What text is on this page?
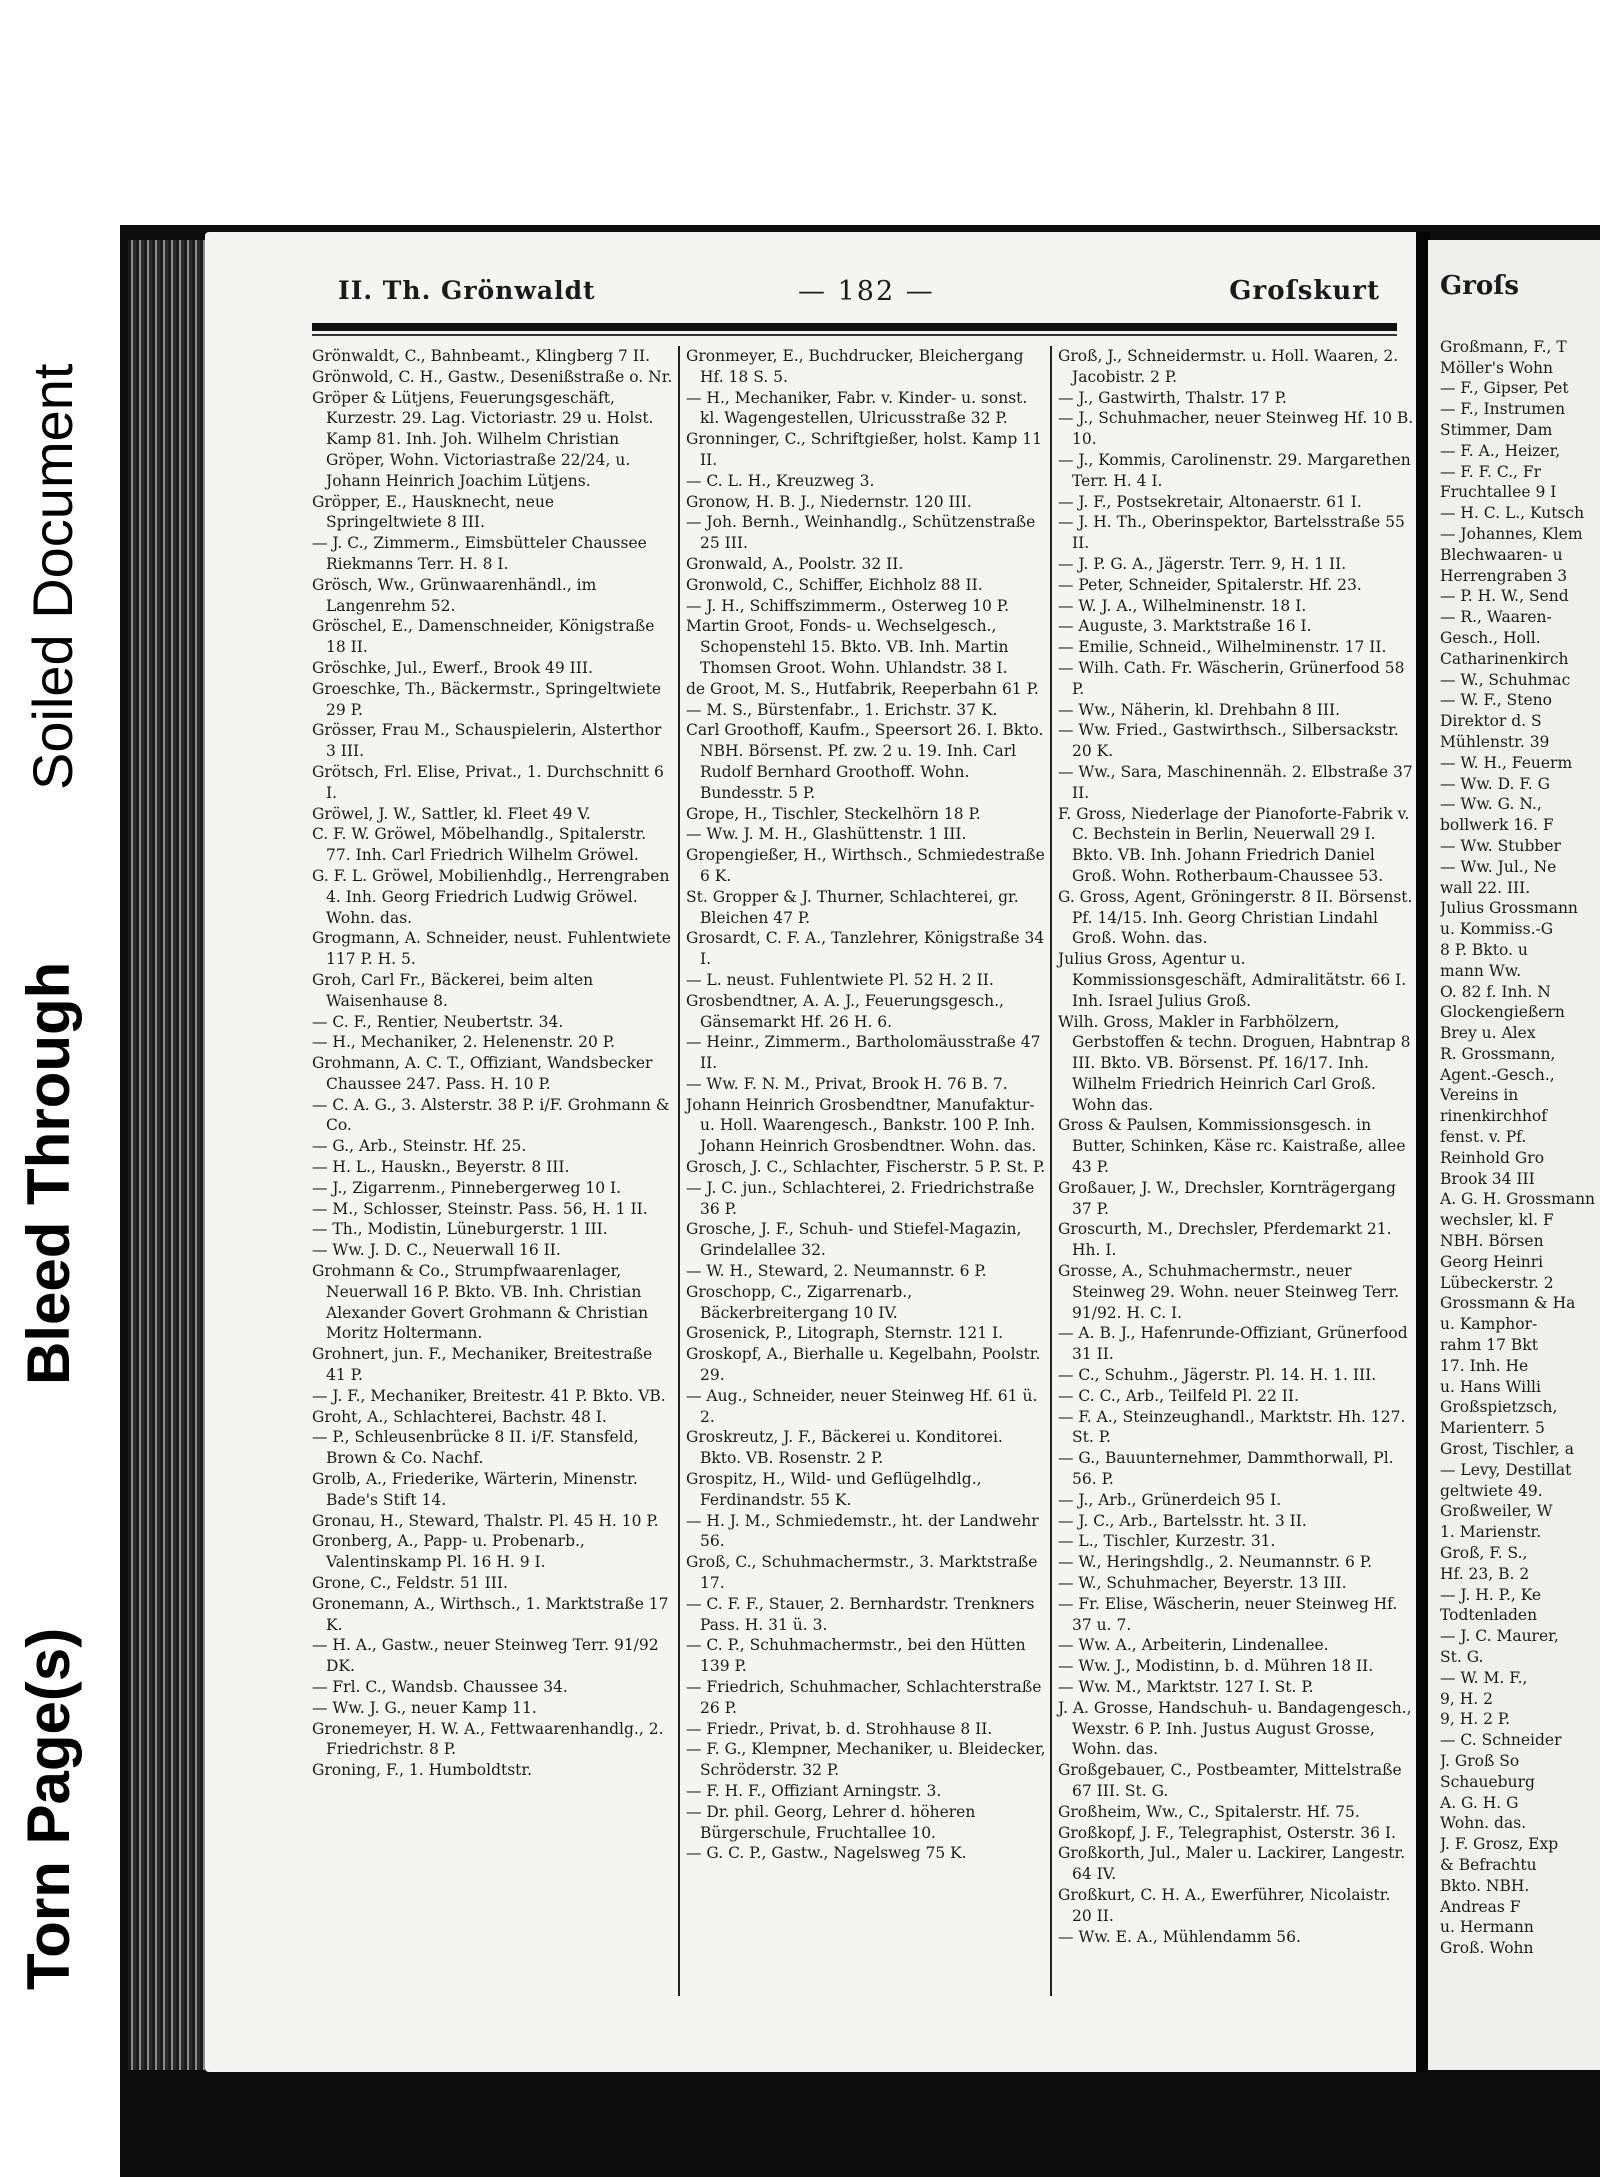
Torn Page(s)
Bleed Through
Soiled Document
II. Th. Grönwaldt	— 182 —	Groſskurt

Grönwaldt, C., Bahnbeamt., Klingberg 7 II.

Grönwold, C. H., Gastw., Desenißstraße o. Nr.

Gröper & Lütjens, Feuerungsgeschäft, Kurzestr. 29. Lag. Victoriastr. 29 u. Holst. Kamp 81. Inh. Joh. Wilhelm Christian Gröper, Wohn. Victoriastraße 22/24, u. Johann Heinrich Joachim Lütjens.

Gröpper, E., Hausknecht, neue Springeltwiete 8 III.

— J. C., Zimmerm., Eimsbütteler Chaussee Riekmanns Terr. H. 8 I.

Grösch, Ww., Grünwaarenhändl., im Langenrehm 52.

Gröschel, E., Damenschneider, Königstraße 18 II.

Gröschke, Jul., Ewerf., Brook 49 III.

Groeschke, Th., Bäckermstr., Springeltwiete 29 P.

Grösser, Frau M., Schauspielerin, Alsterthor 3 III.

Grötsch, Frl. Elise, Privat., 1. Durchschnitt 6 I.

Gröwel, J. W., Sattler, kl. Fleet 49 V.

C. F. W. Gröwel, Möbelhandlg., Spitalerstr. 77. Inh. Carl Friedrich Wilhelm Gröwel.

G. F. L. Gröwel, Mobilienhdlg., Herrengraben 4. Inh. Georg Friedrich Ludwig Gröwel. Wohn. das.

Grogmann, A. Schneider, neust. Fuhlentwiete 117 P. H. 5.

Groh, Carl Fr., Bäckerei, beim alten Waisenhause 8.

— C. F., Rentier, Neubertstr. 34.

— H., Mechaniker, 2. Helenenstr. 20 P.

Grohmann, A. C. T., Offiziant, Wandsbecker Chaussee 247. Pass. H. 10 P.

— C. A. G., 3. Alsterstr. 38 P. i/F. Grohmann & Co.

— G., Arb., Steinstr. Hf. 25.

— H. L., Hauskn., Beyerstr. 8 III.

— J., Zigarrenm., Pinnebergerweg 10 I.

— M., Schlosser, Steinstr. Pass. 56, H. 1 II.

— Th., Modistin, Lüneburgerstr. 1 III.

— Ww. J. D. C., Neuerwall 16 II.

Grohmann & Co., Strumpfwaarenlager, Neuerwall 16 P. Bkto. VB. Inh. Christian Alexander Govert Grohmann & Christian Moritz Holtermann.

Grohnert, jun. F., Mechaniker, Breitestraße 41 P.

— J. F., Mechaniker, Breitestr. 41 P. Bkto. VB.

Groht, A., Schlachterei, Bachstr. 48 I.

— P., Schleusenbrücke 8 II. i/F. Stansfeld, Brown & Co. Nachf.

Grolb, A., Friederike, Wärterin, Minenstr. Bade's Stift 14.

Gronau, H., Steward, Thalstr. Pl. 45 H. 10 P.

Gronberg, A., Papp- u. Probenarb., Valentinskamp Pl. 16 H. 9 I.

Grone, C., Feldstr. 51 III.

Gronemann, A., Wirthsch., 1. Marktstraße 17 K.

— H. A., Gastw., neuer Steinweg Terr. 91/92 DK.

— Frl. C., Wandsb. Chaussee 34.

— Ww. J. G., neuer Kamp 11.

Gronemeyer, H. W. A., Fettwaarenhandlg., 2. Friedrichstr. 8 P.

Groning, F., 1. Humboldtstr.

Gronmeyer, E., Buchdrucker, Bleichergang Hf. 18 S. 5.

— H., Mechaniker, Fabr. v. Kinder- u. sonst. kl. Wagengestellen, Ulricusstraße 32 P.

Gronninger, C., Schriftgießer, holst. Kamp 11 II.

— C. L. H., Kreuzweg 3.

Gronow, H. B. J., Niedernstr. 120 III.

— Joh. Bernh., Weinhandlg., Schützenstraße 25 III.

Gronwald, A., Poolstr. 32 II.

Gronwold, C., Schiffer, Eichholz 88 II.

— J. H., Schiffszimmerm., Osterweg 10 P.

Martin Groot, Fonds- u. Wechselgesch., Schopenstehl 15. Bkto. VB. Inh. Martin Thomsen Groot. Wohn. Uhlandstr. 38 I.

de Groot, M. S., Hutfabrik, Reeperbahn 61 P.

— M. S., Bürstenfabr., 1. Erichstr. 37 K.

Carl Groothoff, Kaufm., Speersort 26. I. Bkto. NBH. Börsenst. Pf. zw. 2 u. 19. Inh. Carl Rudolf Bernhard Groothoff. Wohn. Bundesstr. 5 P.

Grope, H., Tischler, Steckelhörn 18 P.

— Ww. J. M. H., Glashüttenstr. 1 III.

Gropengießer, H., Wirthsch., Schmiedestraße 6 K.

St. Gropper & J. Thurner, Schlachterei, gr. Bleichen 47 P.

Grosardt, C. F. A., Tanzlehrer, Königstraße 34 I.

— L. neust. Fuhlentwiete Pl. 52 H. 2 II.

Grosbendtner, A. A. J., Feuerungsgesch., Gänsemarkt Hf. 26 H. 6.

— Heinr., Zimmerm., Bartholomäusstraße 47 II.

— Ww. F. N. M., Privat, Brook H. 76 B. 7.

Johann Heinrich Grosbendtner, Manufaktur- u. Holl. Waarengesch., Bankstr. 100 P. Inh. Johann Heinrich Grosbendtner. Wohn. das.

Grosch, J. C., Schlachter, Fischerstr. 5 P. St. P.

— J. C. jun., Schlachterei, 2. Friedrichstraße 36 P.

Grosche, J. F., Schuh- und Stiefel-Magazin, Grindelallee 32.

— W. H., Steward, 2. Neumannstr. 6 P.

Groschopp, C., Zigarrenarb., Bäckerbreitergang 10 IV.

Grosenick, P., Litograph, Sternstr. 121 I.

Groskopf, A., Bierhalle u. Kegelbahn, Poolstr. 29.

— Aug., Schneider, neuer Steinweg Hf. 61 ü. 2.

Groskreutz, J. F., Bäckerei u. Konditorei. Bkto. VB. Rosenstr. 2 P.

Grospitz, H., Wild- und Geflügelhdlg., Ferdinandstr. 55 K.

— H. J. M., Schmiedemstr., ht. der Landwehr 56.

Groß, C., Schuhmachermstr., 3. Marktstraße 17.

— C. F. F., Stauer, 2. Bernhardstr. Trenkners Pass. H. 31 ü. 3.

— C. P., Schuhmachermstr., bei den Hütten 139 P.

— Friedrich, Schuhmacher, Schlachterstraße 26 P.

— Friedr., Privat, b. d. Strohhause 8 II.

— F. G., Klempner, Mechaniker, u. Bleidecker, Schröderstr. 32 P.

— F. H. F., Offiziant Arningstr. 3.

— Dr. phil. Georg, Lehrer d. höheren Bürgerschule, Fruchtallee 10.

— G. C. P., Gastw., Nagelsweg 75 K.

Groß, J., Schneidermstr. u. Holl. Waaren, 2. Jacobistr. 2 P.

— J., Gastwirth, Thalstr. 17 P.

— J., Schuhmacher, neuer Steinweg Hf. 10 B. 10.

— J., Kommis, Carolinenstr. 29. Margarethen Terr. H. 4 I.

— J. F., Postsekretair, Altonaerstr. 61 I.

— J. H. Th., Oberinspektor, Bartelsstraße 55 II.

— J. P. G. A., Jägerstr. Terr. 9, H. 1 II.

— Peter, Schneider, Spitalerstr. Hf. 23.

— W. J. A., Wilhelminenstr. 18 I.

— Auguste, 3. Marktstraße 16 I.

— Emilie, Schneid., Wilhelminenstr. 17 II.

— Wilh. Cath. Fr. Wäscherin, Grünerfood 58 P.

— Ww., Näherin, kl. Drehbahn 8 III.

— Ww. Fried., Gastwirthsch., Silbersackstr. 20 K.

— Ww., Sara, Maschinennäh. 2. Elbstraße 37 II.

F. Gross, Niederlage der Pianoforte-Fabrik v. C. Bechstein in Berlin, Neuerwall 29 I. Bkto. VB. Inh. Johann Friedrich Daniel Groß. Wohn. Rotherbaum-Chaussee 53.

G. Gross, Agent, Gröningerstr. 8 II. Börsenst. Pf. 14/15. Inh. Georg Christian Lindahl Groß. Wohn. das.

Julius Gross, Agentur u. Kommissionsgeschäft, Admiralitätstr. 66 I. Inh. Israel Julius Groß.

Wilh. Gross, Makler in Farbhölzern, Gerbstoffen & techn. Droguen, Habntrap 8 III. Bkto. VB. Börsenst. Pf. 16/17. Inh. Wilhelm Friedrich Heinrich Carl Groß. Wohn das.

Gross & Paulsen, Kommissionsgesch. in Butter, Schinken, Käse rc. Kaistraße, allee 43 P.

Großauer, J. W., Drechsler, Kornträgergang 37 P.

Groscurth, M., Drechsler, Pferdemarkt 21. Hh. I.

Grosse, A., Schuhmachermstr., neuer Steinweg 29. Wohn. neuer Steinweg Terr. 91/92. H. C. I.

— A. B. J., Hafenrunde-Offiziant, Grünerfood 31 II.

— C., Schuhm., Jägerstr. Pl. 14. H. 1. III.

— C. C., Arb., Teilfeld Pl. 22 II.

— F. A., Steinzeughandl., Marktstr. Hh. 127. St. P.

— G., Bauunternehmer, Dammthorwall, Pl. 56. P.

— J., Arb., Grünerdeich 95 I.

— J. C., Arb., Bartelsstr. ht. 3 II.

— L., Tischler, Kurzestr. 31.

— W., Heringshdlg., 2. Neumannstr. 6 P.

— W., Schuhmacher, Beyerstr. 13 III.

— Fr. Elise, Wäscherin, neuer Steinweg Hf. 37 u. 7.

— Ww. A., Arbeiterin, Lindenallee.

— Ww. J., Modistinn, b. d. Mühren 18 II.

— Ww. M., Marktstr. 127 I. St. P.

J. A. Grosse, Handschuh- u. Bandagengesch., Wexstr. 6 P. Inh. Justus August Grosse, Wohn. das.

Großgebauer, C., Postbeamter, Mittelstraße 67 III. St. G.

Großheim, Ww., C., Spitalerstr. Hf. 75.

Großkopf, J. F., Telegraphist, Osterstr. 36 I.

Großkorth, Jul., Maler u. Lackirer, Langestr. 64 IV.

Großkurt, C. H. A., Ewerführer, Nicolaistr. 20 II.

— Ww. E. A., Mühlendamm 56.

Groſs
Großmann, F., T
Möller's Wohn
— F., Gipser, Pet
— F., Instrumen
Stimmer, Dam
— F. A., Heizer,
— F. F. C., Fr
Fruchtallee 9 I
— H. C. L., Kutsch
— Johannes, Klem
Blechwaaren- u
Herrengraben 3
— P. H. W., Send
— R., Waaren-
Gesch., Holl.
Catharinenkirch
— W., Schuhmac
— W. F., Steno
Direktor d. S
Mühlenstr. 39
— W. H., Feuerm
— Ww. D. F. G
— Ww. G. N.,
bollwerk 16. F
— Ww. Stubber
— Ww. Jul., Ne
wall 22. III.
Julius Grossmann
u. Kommiss.-G
8 P. Bkto. u
mann Ww.
O. 82 f. Inh. N
Glockengießern
Brey u. Alex
R. Grossmann,
Agent.-Gesch.,
Vereins in
rinenkirchhof
fenst. v. Pf.
Reinhold Gro
Brook 34 III
A. G. H. Grossmann
wechsler, kl. F
NBH. Börsen
Georg Heinri
Lübeckerstr. 2
Grossmann & Ha
u. Kamphor-
rahm 17 Bkt
17. Inh. He
u. Hans Willi
Großspietzsch,
Marienterr. 5
Grost, Tischler, a
— Levy, Destillat
geltwiete 49.
Großweiler, W
1. Marienstr.
Groß, F. S.,
Hf. 23, B. 2
— J. H. P., Ke
Todtenladen
— J. C. Maurer,
St. G.
— W. M. F.,
9, H. 2
9, H. 2 P.
— C. Schneider
J. Groß So
Schaueburg
A. G. H. G
Wohn. das.
J. F. Grosz, Exp
& Befrachtu
Bkto. NBH.
Andreas F
u. Hermann
Groß. Wohn
